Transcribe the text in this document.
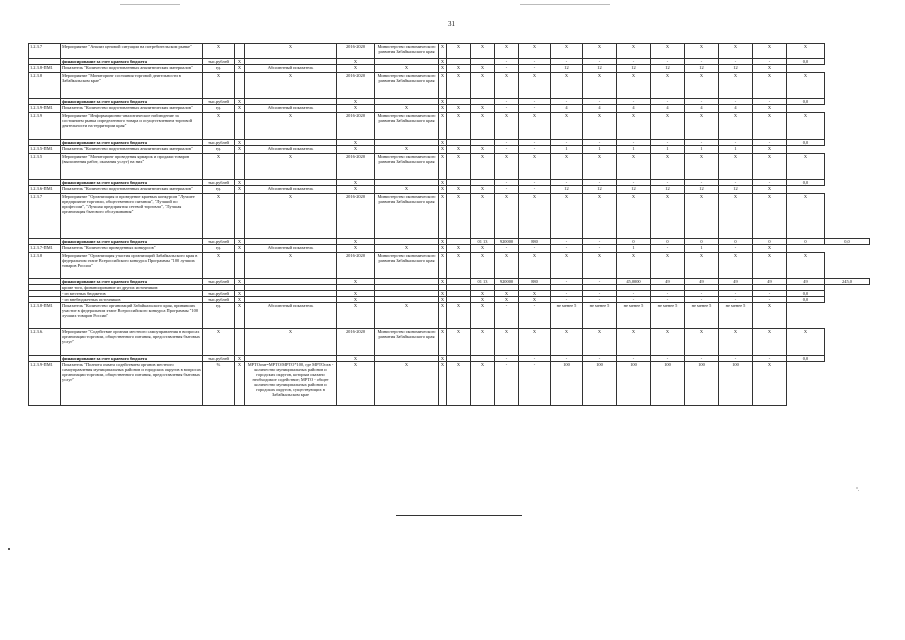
31
1.2.3.7	Мероприятие "Анализ ценовой ситуации на потребительском рынке"	Х		Х	2016-2020	Министерство экономического развития Забайкальского края	Х	Х	Х	Х	Х	Х	Х	Х	Х	Х	Х	Х	Х	
	финансирование за счет краевого бюджета	тыс.рублей	Х		Х		Х			-	-	-	-	-	-	-	-	-	0,0	
1.2.3.8-ПМ1	Показатель "Количество подготовленных аналитических материалов"	ед.	Х	Абсолютный показатель	Х	Х	Х	Х	Х	-	-	12	12	12	12	12	12	Х		
1.2.3.8	Мероприятие "Мониторинг состояния торговой деятельности в Забайкальском крае"	Х		Х	2016-2020	Министерство экономического развития Забайкальского края	Х	Х	Х	Х	Х	Х	Х	Х	Х	Х	Х	Х	Х	
	финансирование за счет краевого бюджета	тыс.рублей	Х		Х		Х			-	-	-	-	-	-	-	-	-	0,0	
1.2.3.9-ПМ1	Показатель "Количество подготовленных аналитических материалов"	ед.	Х	Абсолютный показатель	Х	Х	Х	Х	Х	-	-	4	4	4	4	4	4	Х		
1.2.3.9	Мероприятие "Информационно-аналитическое наблюдение за состоянием рынка определенного товара и осуществлением торговой деятельности на территории края"	Х		Х	2016-2020	Министерство экономического развития Забайкальского края	Х	Х	Х	Х	Х	Х	Х	Х	Х	Х	Х	Х	Х	
	финансирование за счет краевого бюджета	тыс.рублей	Х		Х		Х			-	-	-	-	-	-	-	-	-	0,0	
1.2.3.5-ПМ1	Показатель "Количество подготовленных аналитических материалов"	ед.	Х	Абсолютный показатель	Х	Х	Х	Х	Х	-	-	1	1	1	1	1	1	Х		
1.2.3.5	Мероприятие "Мониторинг проведения ярмарок и продажи товаров (выполнения работ, оказания услуг) на них"	Х		Х	2016-2020	Министерство экономического развития Забайкальского края	Х	Х	Х	Х	Х	Х	Х	Х	Х	Х	Х	Х	Х	
	финансирование за счет краевого бюджета	тыс.рублей	Х		Х		Х			-	-	-	-	-	-	-	-	-	0,0	
1.2.3.6-ПМ1	Показатель "Количество подготовленных аналитических материалов"	ед.	Х	Абсолютный показатель	Х	Х	Х	Х	Х	-	-	12	12	12	12	12	12	Х		
1.2.3.7	Мероприятие "Организация и проведение краевых конкурсов "Лучшее предприятие торговли, общественного питания", "Лучший по профессии", "Лучшая предприятия сетевой торговли", "Лучшая организация бытового обслуживания"	Х		Х	2016-2020	Министерство экономического развития Забайкальского края	Х	Х	Х	Х	Х	Х	Х	Х	Х	Х	Х	Х	Х	
	финансирование за счет краевого бюджета	тыс.рублей	Х		Х		Х		01 13	920000	880	-	-	0	0	0	0	0	0	0,0
1.2.3.7-ПМ1	Показатель "Количество проведенных конкурсов"	ед.	Х	Абсолютный показатель	Х	Х	Х	Х	Х	-	-	-	-	1	-	1	-	Х		
1.2.3.8	Мероприятие "Организация участия организаций Забайкальского края в федеральном этапе Всероссийского конкурса Программы "100 лучших товаров России"	Х		Х	2016-2020	Министерство экономического развития Забайкальского края	Х	Х	Х	Х	Х	Х	Х	Х	Х	Х	Х	Х	Х	
	финансирование за счет краевого бюджета	тыс.рублей	Х		Х		Х		01 13	920000	880	-	-	45,0000	49	49	49	49	49	245,0
	кроме того, финансирование из других источников:																			
	- из местных бюджетов	тыс.рублей	Х		Х		Х		Х	Х	Х	-	-	-	-	-	-	-	0,0	
	- из внебюджетных источников	тыс.рублей	Х		Х		Х		Х	Х	Х	-	-	-	-	-	-	-	0,0	
1.2.3.8-ПМ1	Показатель "Количество организаций Забайкальского края, принявших участие в федеральном этапе Всероссийского конкурса Программы "100 лучших товаров России"	ед.	Х	Абсолютный показатель	Х	Х	Х	Х	Х	-	-	не менее 5	не менее 5	не менее 5	не менее 5	не менее 5	не менее 5	Х		
1.2.3.6.	Мероприятие "Содействие органам местного самоуправления в вопросах организации торговли, общественного питания, предоставления бытовых услуг"	Х		Х	2016-2020	Министерство экономического развития Забайкальского края	Х	Х	Х	Х	Х	Х	Х	Х	Х	Х	Х	Х	Х	
	финансирование за счет краевого бюджета	тыс.рублей	Х		Х		Х			-	-	-	-	-	-	-	-	-	0,0	
1.2.3.9-ПМ1	Показатель "Полнота охвата содействием органов местного самоуправления муниципальных районов и городских округов в вопросах организации торговли, общественного питания, предоставления бытовых услуг"	%	Х	МРТОохв=МРТО/МРТО*100, где МРТОохв - количество муниципальных районов и городских округов, которым оказано необходимое содействие; МРТО - общее количество муниципальных районов и городских округов, существующих в Забайкальском крае	Х	Х	Х	Х	Х	-	-	100	100	100	100	100	100	Х		
".
